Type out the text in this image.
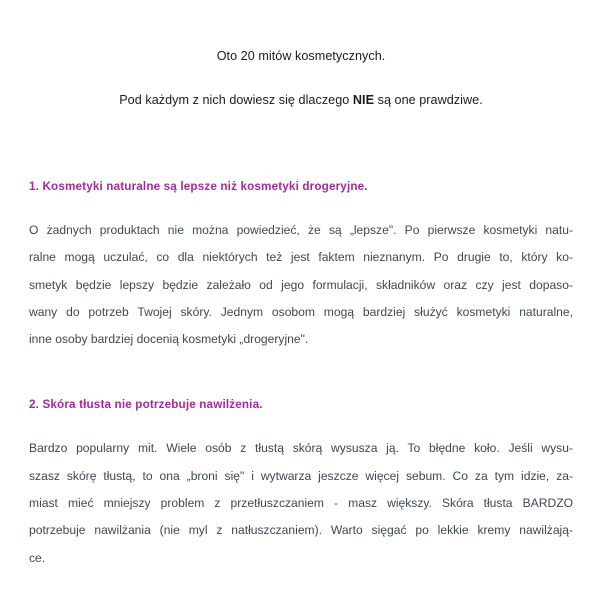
Oto 20 mitów kosmetycznych.

Pod każdym z nich dowiesz się dlaczego NIE są one prawdziwe.

1. Kosmetyki naturalne są lepsze niż kosmetyki drogeryjne.
O żadnych produktach nie można powiedzieć, że są „lepsze". Po pierwsze kosmetyki natu-
ralne mogą uczulać, co dla niektórych też jest faktem nieznanym. Po drugie to, który ko-
smetyk będzie lepszy będzie zależało od jego formulacji, składników oraz czy jest dopaso-
wany do potrzeb Twojej skóry. Jednym osobom mogą bardziej służyć kosmetyki naturalne,
inne osoby bardziej docenią kosmetyki „drogeryjne".
2. Skóra tłusta nie potrzebuje nawilżenia.
Bardzo popularny mit. Wiele osób z tłustą skórą wysusza ją. To błędne koło. Jeśli wysu-
szasz skórę tłustą, to ona „broni się" i wytwarza jeszcze więcej sebum. Co za tym idzie, za-
miast mieć mniejszy problem z przetłuszczaniem - masz większy. Skóra tłusta BARDZO
potrzebuje nawilżania (nie myl z natłuszczaniem). Warto sięgać po lekkie kremy nawilżają-
ce.
